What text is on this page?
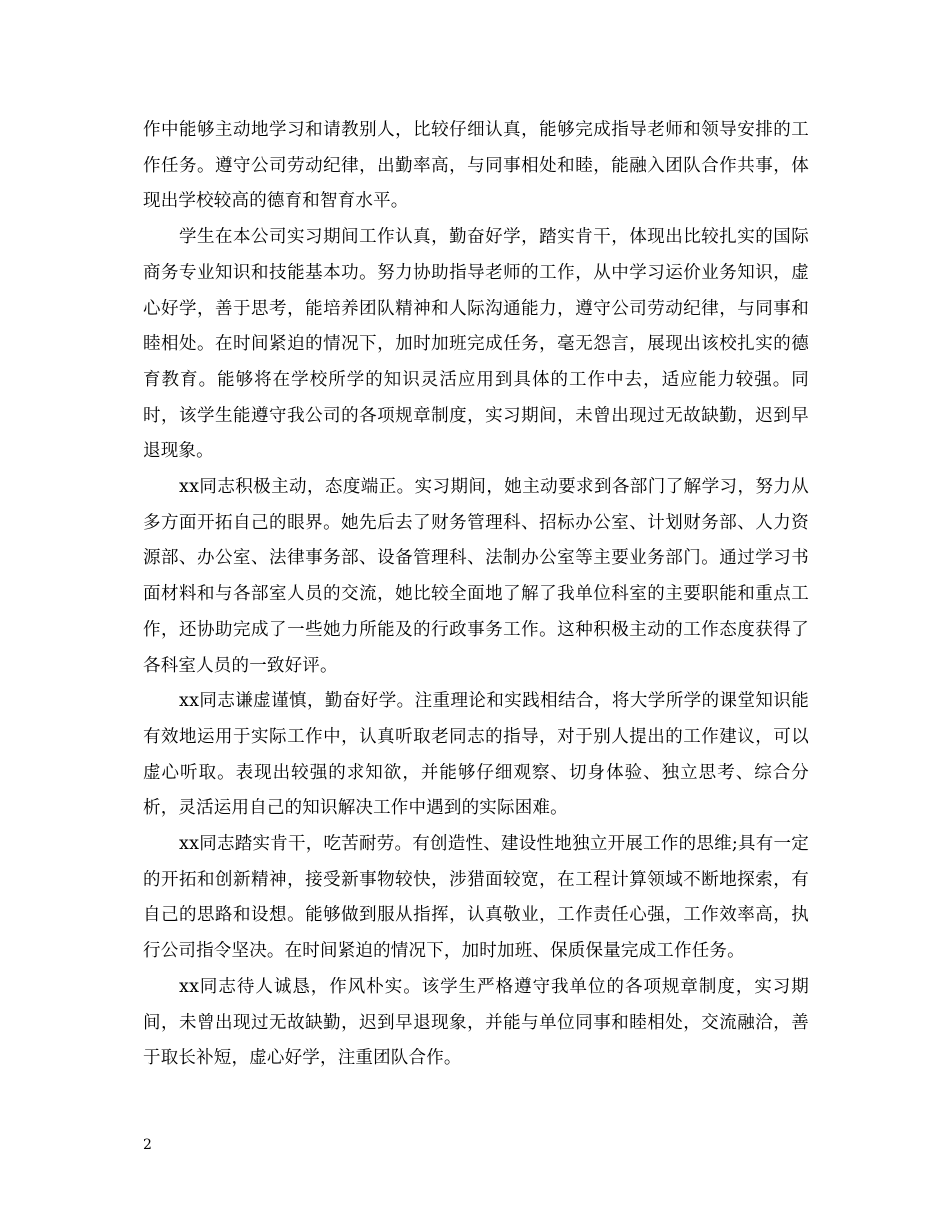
作中能够主动地学习和请教别人，比较仔细认真，能够完成指导老师和领导安排的工作任务。遵守公司劳动纪律，出勤率高，与同事相处和睦，能融入团队合作共事，体现出学校较高的德育和智育水平。

学生在本公司实习期间工作认真，勤奋好学，踏实肯干，体现出比较扎实的国际商务专业知识和技能基本功。努力协助指导老师的工作，从中学习运价业务知识，虚心好学，善于思考，能培养团队精神和人际沟通能力，遵守公司劳动纪律，与同事和睦相处。在时间紧迫的情况下，加时加班完成任务，毫无怨言，展现出该校扎实的德育教育。能够将在学校所学的知识灵活应用到具体的工作中去，适应能力较强。同时，该学生能遵守我公司的各项规章制度，实习期间，未曾出现过无故缺勤，迟到早退现象。

xx同志积极主动，态度端正。实习期间，她主动要求到各部门了解学习，努力从多方面开拓自己的眼界。她先后去了财务管理科、招标办公室、计划财务部、人力资源部、办公室、法律事务部、设备管理科、法制办公室等主要业务部门。通过学习书面材料和与各部室人员的交流，她比较全面地了解了我单位科室的主要职能和重点工作，还协助完成了一些她力所能及的行政事务工作。这种积极主动的工作态度获得了各科室人员的一致好评。

xx同志谦虚谨慎，勤奋好学。注重理论和实践相结合，将大学所学的课堂知识能有效地运用于实际工作中，认真听取老同志的指导，对于别人提出的工作建议，可以虚心听取。表现出较强的求知欲，并能够仔细观察、切身体验、独立思考、综合分析，灵活运用自己的知识解决工作中遇到的实际困难。

xx同志踏实肯干，吃苦耐劳。有创造性、建设性地独立开展工作的思维;具有一定的开拓和创新精神，接受新事物较快，涉猎面较宽，在工程计算领域不断地探索，有自己的思路和设想。能够做到服从指挥，认真敬业，工作责任心强，工作效率高，执行公司指令坚决。在时间紧迫的情况下，加时加班、保质保量完成工作任务。

xx同志待人诚恳，作风朴实。该学生严格遵守我单位的各项规章制度，实习期间，未曾出现过无故缺勤，迟到早退现象，并能与单位同事和睦相处，交流融洽，善于取长补短，虚心好学，注重团队合作。

2
